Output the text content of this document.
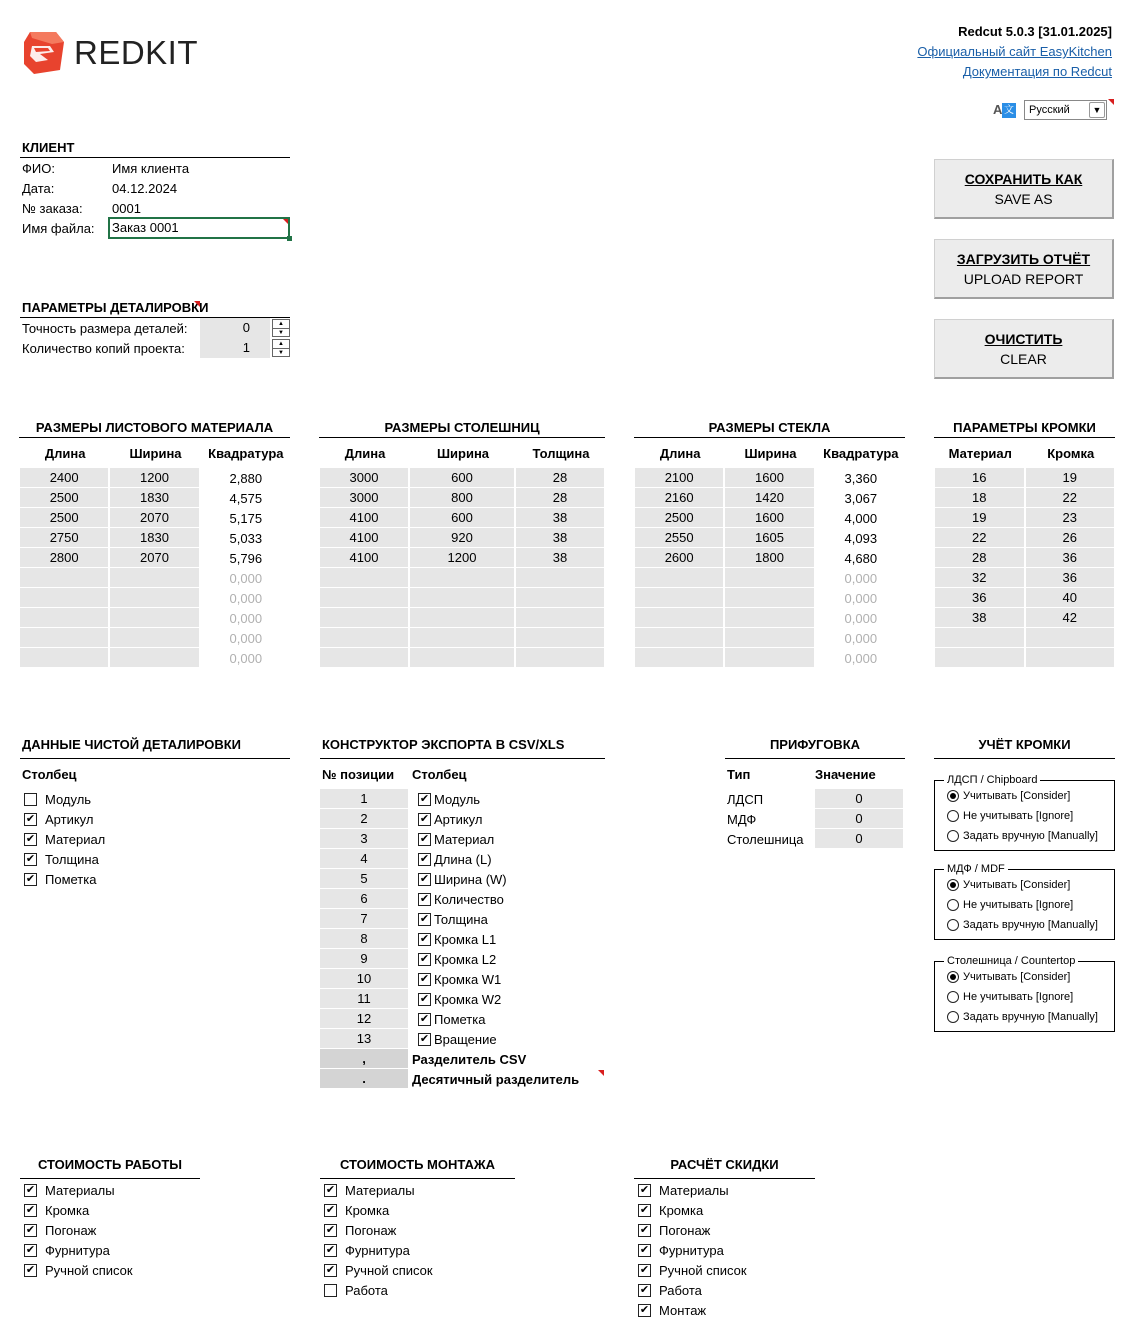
REDKIT
Redcut 5.0.3 [31.01.2025]
Официальный сайт EasyKitchen
Документация по Redcut
A 文 Русский	▼
КЛИЕНТ
ФИО:	Имя клиента
Дата:	04.12.2024
№ заказа:	0001
Имя файла:	Заказ 0001
ПАРАМЕТРЫ ДЕТАЛИРОВКИ
Точность размера деталей:	0	▲
▼
Количество копий проекта:	1	▲
▼
СОХРАНИТЬ КАК
SAVE AS
ЗАГРУЗИТЬ ОТЧЁТ
UPLOAD REPORT
ОЧИСТИТЬ
CLEAR
РАЗМЕРЫ ЛИСТОВОГО МАТЕРИАЛА
Длина	Ширина	Квадратура
2400	1200	2,880
2500	1830	4,575
2500	2070	5,175
2750	1830	5,033
2800	2070	5,796
		0,000
		0,000
		0,000
		0,000
		0,000
РАЗМЕРЫ СТОЛЕШНИЦ
Длина	Ширина	Толщина
3000	600	28
3000	800	28
4100	600	38
4100	920	38
4100	1200	38

РАЗМЕРЫ СТЕКЛА
Длина	Ширина	Квадратура
2100	1600	3,360
2160	1420	3,067
2500	1600	4,000
2550	1605	4,093
2600	1800	4,680
		0,000
		0,000
		0,000
		0,000
		0,000
ПАРАМЕТРЫ КРОМКИ
Материал	Кромка
16	19
18	22
19	23
22	26
28	36
32	36
36	40
38	42

ДАННЫЕ ЧИСТОЙ ДЕТАЛИРОВКИ
Столбец
Модуль
✔ Артикул
✔ Материал
✔ Толщина
✔ Пометка
КОНСТРУКТОР ЭКСПОРТА В CSV/XLS
№ позиции	Столбец
1	✔ Модуль
2	✔ Артикул
3	✔ Материал
4	✔ Длина (L)
5	✔ Ширина (W)
6	✔ Количество
7	✔ Толщина
8	✔ Кромка L1
9	✔ Кромка L2
10	✔ Кромка W1
11	✔ Кромка W2
12	✔ Пометка
13	✔ Вращение
,	Разделитель CSV
.	Десятичный разделитель
ПРИФУГОВКА
Тип	Значение
ЛДСП	0
МДФ	0
Столешница	0
УЧЁТ КРОМКИ
ЛДСП / Chipboard
Учитывать [Consider]
Не учитывать [Ignore]
Задать вручную [Manually]
МДФ / MDF
Учитывать [Consider]
Не учитывать [Ignore]
Задать вручную [Manually]
Столешница / Countertop
Учитывать [Consider]
Не учитывать [Ignore]
Задать вручную [Manually]
СТОИМОСТЬ РАБОТЫ
✔ Материалы
✔ Кромка
✔ Погонаж
✔ Фурнитура
✔ Ручной список
СТОИМОСТЬ МОНТАЖА
✔ Материалы
✔ Кромка
✔ Погонаж
✔ Фурнитура
✔ Ручной список
Работа
РАСЧЁТ СКИДКИ
✔ Материалы
✔ Кромка
✔ Погонаж
✔ Фурнитура
✔ Ручной список
✔ Работа
✔ Монтаж
